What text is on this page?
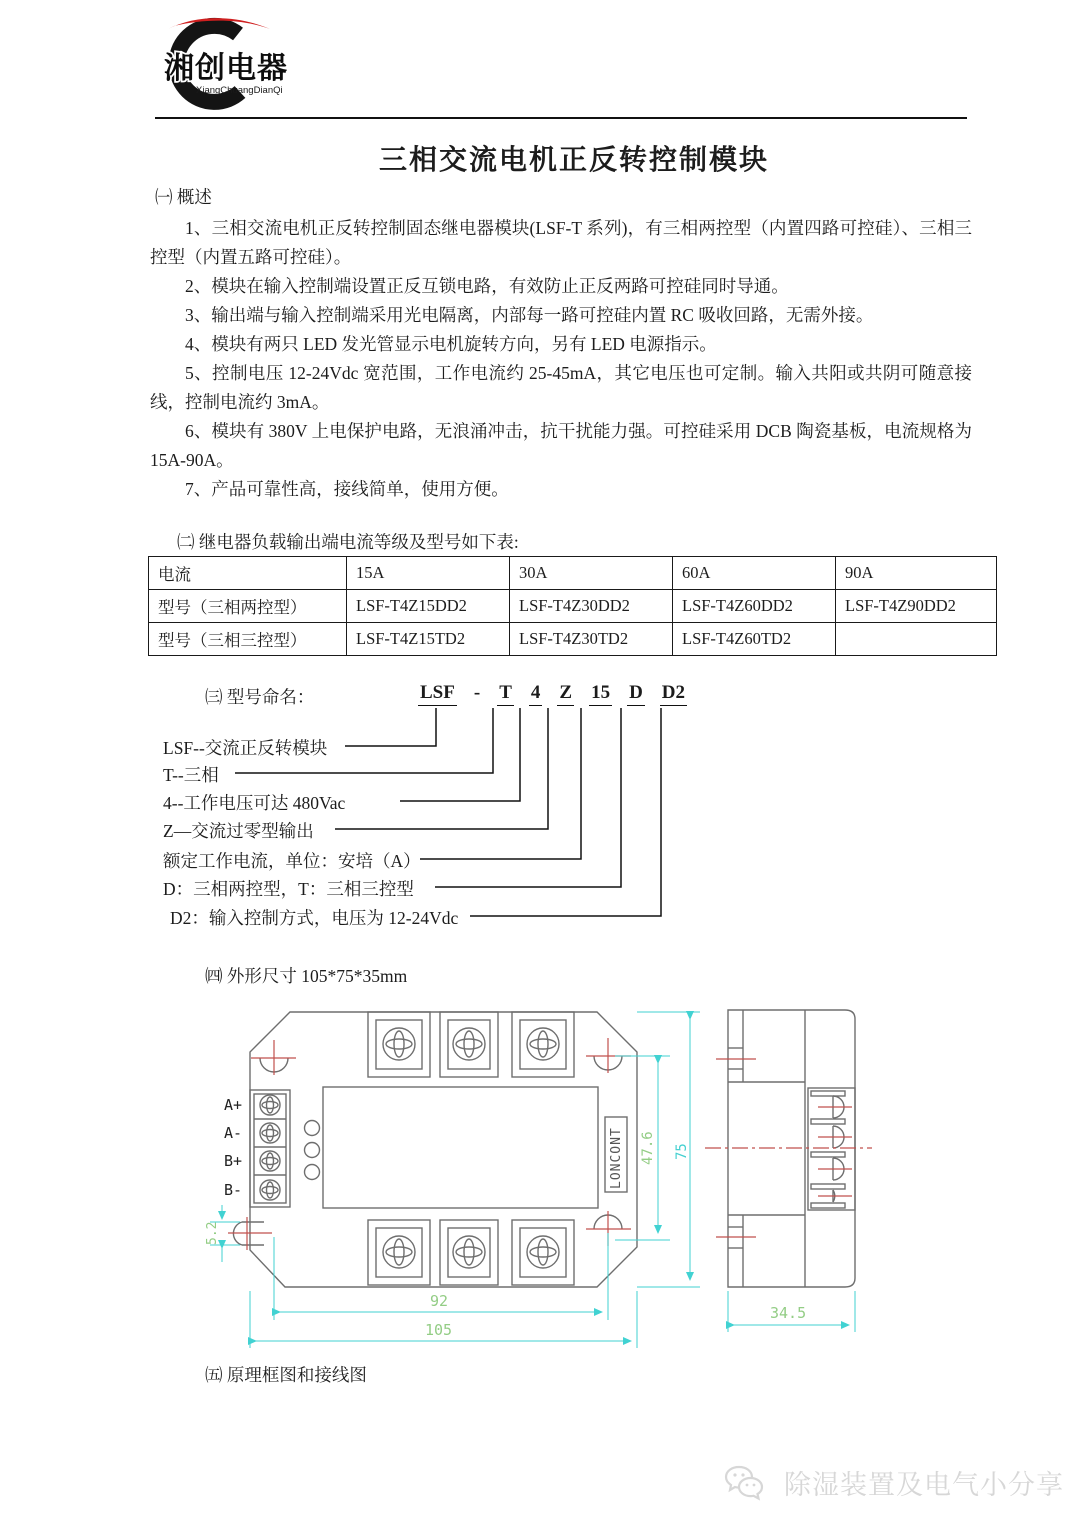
湘创电器
XiangChuangDianQi
三相交流电机正反转控制模块
㈠ 概述

1、三相交流电机正反转控制固态继电器模块(LSF-T 系列)，有三相两控型（内置四路可控硅）、三相三控型（内置五路可控硅）。

2、模块在输入控制端设置正反互锁电路，有效防止正反两路可控硅同时导通。

3、输出端与输入控制端采用光电隔离，内部每一路可控硅内置 RC 吸收回路，无需外接。

4、模块有两只 LED 发光管显示电机旋转方向，另有 LED 电源指示。

5、控制电压 12-24Vdc 宽范围，工作电流约 25-45mA，其它电压也可定制。输入共阳或共阴可随意接线，控制电流约 3mA。

6、模块有 380V 上电保护电路，无浪涌冲击，抗干扰能力强。可控硅采用 DCB 陶瓷基板，电流规格为 15A-90A。

7、产品可靠性高，接线简单，使用方便。

㈡ 继电器负载输出端电流等级及型号如下表:
电流	15A	30A	60A	90A
型号（三相两控型）	LSF-T4Z15DD2	LSF-T4Z30DD2	LSF-T4Z60DD2	LSF-T4Z90DD2
型号（三相三控型）	LSF-T4Z15TD2	LSF-T4Z30TD2	LSF-T4Z60TD2	
㈢ 型号命名：	LSF - T 4 Z 15 D D2
LSF--交流正反转模块
T--三相
4--工作电压可达 480Vac
Z—交流过零型输出
额定工作电流，单位：安培（A）
D：三相两控型，T：三相三控型
D2：输入控制方式，电压为 12-24Vdc
㈣ 外形尺寸 105*75*35mm
LONCONT
A+
A-
B+
B-
47.6 75
5.2
92
105
34.5
㈤ 原理框图和接线图
除湿装置及电气小分享
